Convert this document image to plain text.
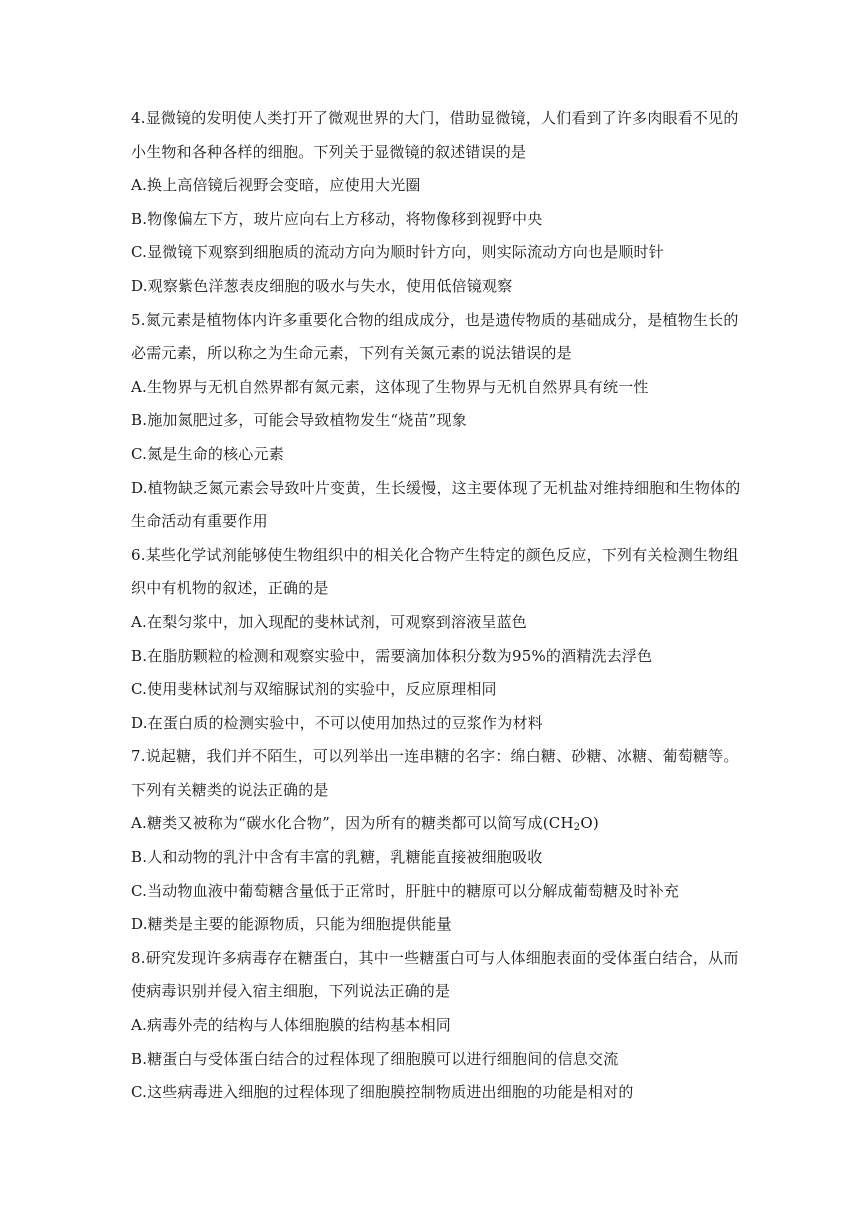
4.显微镜的发明使人类打开了微观世界的大门，借助显微镜，人们看到了许多肉眼看不见的
小生物和各种各样的细胞。下列关于显微镜的叙述错误的是
A.换上高倍镜后视野会变暗，应使用大光圈
B.物像偏左下方，玻片应向右上方移动，将物像移到视野中央
C.显微镜下观察到细胞质的流动方向为顺时针方向，则实际流动方向也是顺时针
D.观察紫色洋葱表皮细胞的吸水与失水，使用低倍镜观察
5.氮元素是植物体内许多重要化合物的组成成分，也是遗传物质的基础成分，是植物生长的
必需元素，所以称之为生命元素，下列有关氮元素的说法错误的是
A.生物界与无机自然界都有氮元素，这体现了生物界与无机自然界具有统一性
B.施加氮肥过多，可能会导致植物发生“烧苗”现象
C.氮是生命的核心元素
D.植物缺乏氮元素会导致叶片变黄，生长缓慢，这主要体现了无机盐对维持细胞和生物体的
生命活动有重要作用
6.某些化学试剂能够使生物组织中的相关化合物产生特定的颜色反应，下列有关检测生物组
织中有机物的叙述，正确的是
A.在梨匀浆中，加入现配的斐林试剂，可观察到溶液呈蓝色
B.在脂肪颗粒的检测和观察实验中，需要滴加体积分数为95%的酒精洗去浮色
C.使用斐林试剂与双缩脲试剂的实验中，反应原理相同
D.在蛋白质的检测实验中，不可以使用加热过的豆浆作为材料
7.说起糖，我们并不陌生，可以列举出一连串糖的名字：绵白糖、砂糖、冰糖、葡萄糖等。
下列有关糖类的说法正确的是
A.糖类又被称为“碳水化合物”，因为所有的糖类都可以简写成$(CH_2O)$
B.人和动物的乳汁中含有丰富的乳糖，乳糖能直接被细胞吸收
C.当动物血液中葡萄糖含量低于正常时，肝脏中的糖原可以分解成葡萄糖及时补充
D.糖类是主要的能源物质，只能为细胞提供能量
8.研究发现许多病毒存在糖蛋白，其中一些糖蛋白可与人体细胞表面的受体蛋白结合，从而
使病毒识别并侵入宿主细胞，下列说法正确的是
A.病毒外壳的结构与人体细胞膜的结构基本相同
B.糖蛋白与受体蛋白结合的过程体现了细胞膜可以进行细胞间的信息交流
C.这些病毒进入细胞的过程体现了细胞膜控制物质进出细胞的功能是相对的
